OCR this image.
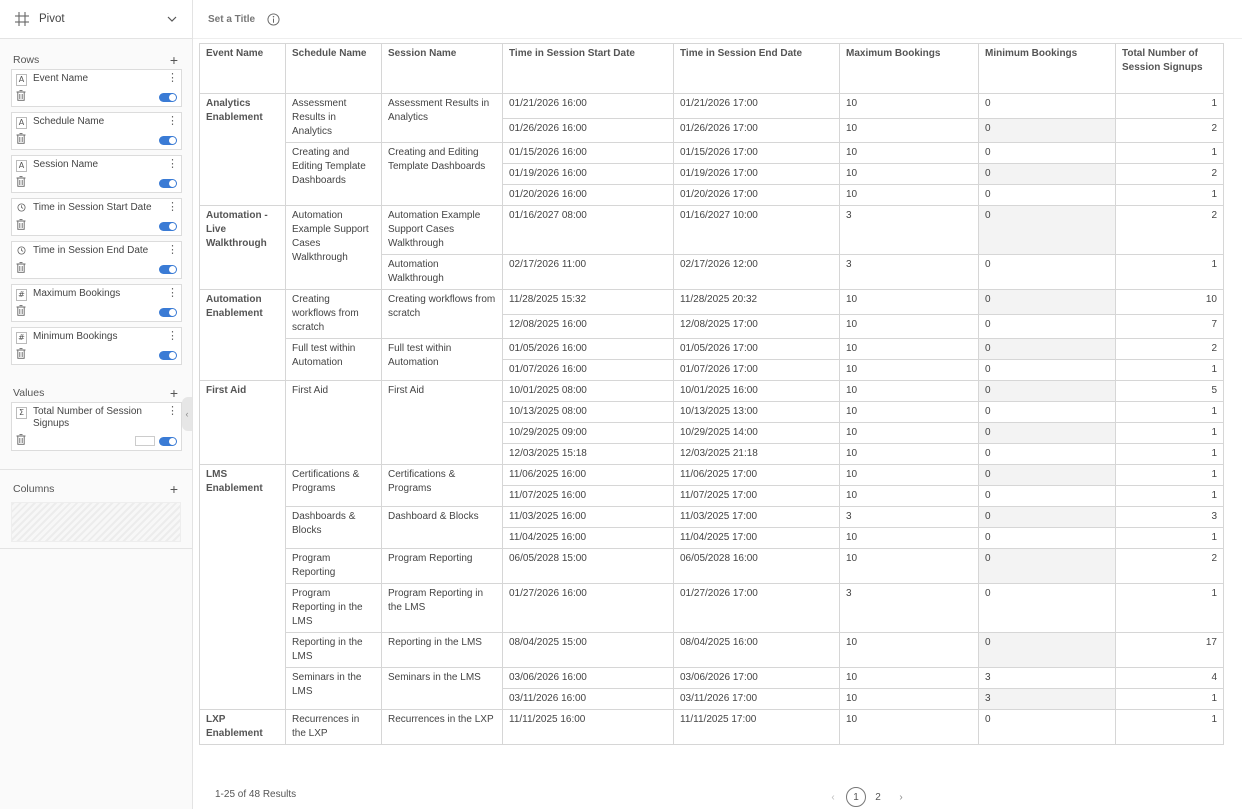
Pivot
Rows	+
A Event Name	⋮
A Schedule Name	⋮
A Session Name	⋮
Time in Session Start Date	⋮
Time in Session End Date	⋮
# Maximum Bookings	⋮
# Minimum Bookings	⋮
Values	+
Σ Total Number of Session Signups
⋮
Columns	+
‹
Set a Title
Event Name	Schedule Name	Session Name	Time in Session Start Date	Time in Session End Date	Maximum Bookings	Minimum Bookings	Total Number of Session Signups
Analytics Enablement	Assessment Results in Analytics	Assessment Results in Analytics	01/21/2026 16:00	01/21/2026 17:00	10	0	1
			01/26/2026 16:00	01/26/2026 17:00	10	0	2
	Creating and Editing Template Dashboards	Creating and Editing Template Dashboards	01/15/2026 16:00	01/15/2026 17:00	10	0	1
			01/19/2026 16:00	01/19/2026 17:00	10	0	2
			01/20/2026 16:00	01/20/2026 17:00	10	0	1
Automation - Live Walkthrough	Automation Example Support Cases Walkthrough	Automation Example Support Cases Walkthrough	01/16/2027 08:00	01/16/2027 10:00	3	0	2
		Automation Walkthrough	02/17/2026 11:00	02/17/2026 12:00	3	0	1
Automation Enablement	Creating workflows from scratch	Creating workflows from scratch	11/28/2025 15:32	11/28/2025 20:32	10	0	10
			12/08/2025 16:00	12/08/2025 17:00	10	0	7
	Full test within Automation	Full test within Automation	01/05/2026 16:00	01/05/2026 17:00	10	0	2
			01/07/2026 16:00	01/07/2026 17:00	10	0	1
First Aid	First Aid	First Aid	10/01/2025 08:00	10/01/2025 16:00	10	0	5
			10/13/2025 08:00	10/13/2025 13:00	10	0	1
			10/29/2025 09:00	10/29/2025 14:00	10	0	1
			12/03/2025 15:18	12/03/2025 21:18	10	0	1
LMS Enablement	Certifications & Programs	Certifications & Programs	11/06/2025 16:00	11/06/2025 17:00	10	0	1
			11/07/2025 16:00	11/07/2025 17:00	10	0	1
	Dashboards & Blocks	Dashboard & Blocks	11/03/2025 16:00	11/03/2025 17:00	3	0	3
			11/04/2025 16:00	11/04/2025 17:00	10	0	1
	Program Reporting	Program Reporting	06/05/2028 15:00	06/05/2028 16:00	10	0	2
	Program Reporting in the LMS	Program Reporting in the LMS	01/27/2026 16:00	01/27/2026 17:00	3	0	1
	Reporting in the LMS	Reporting in the LMS	08/04/2025 15:00	08/04/2025 16:00	10	0	17
	Seminars in the LMS	Seminars in the LMS	03/06/2026 16:00	03/06/2026 17:00	10	3	4
			03/11/2026 16:00	03/11/2026 17:00	10	3	1
LXP Enablement	Recurrences in the LXP	Recurrences in the LXP	11/11/2025 16:00	11/11/2025 17:00	10	0	1
1-25 of 48 Results	‹	1	2	›
